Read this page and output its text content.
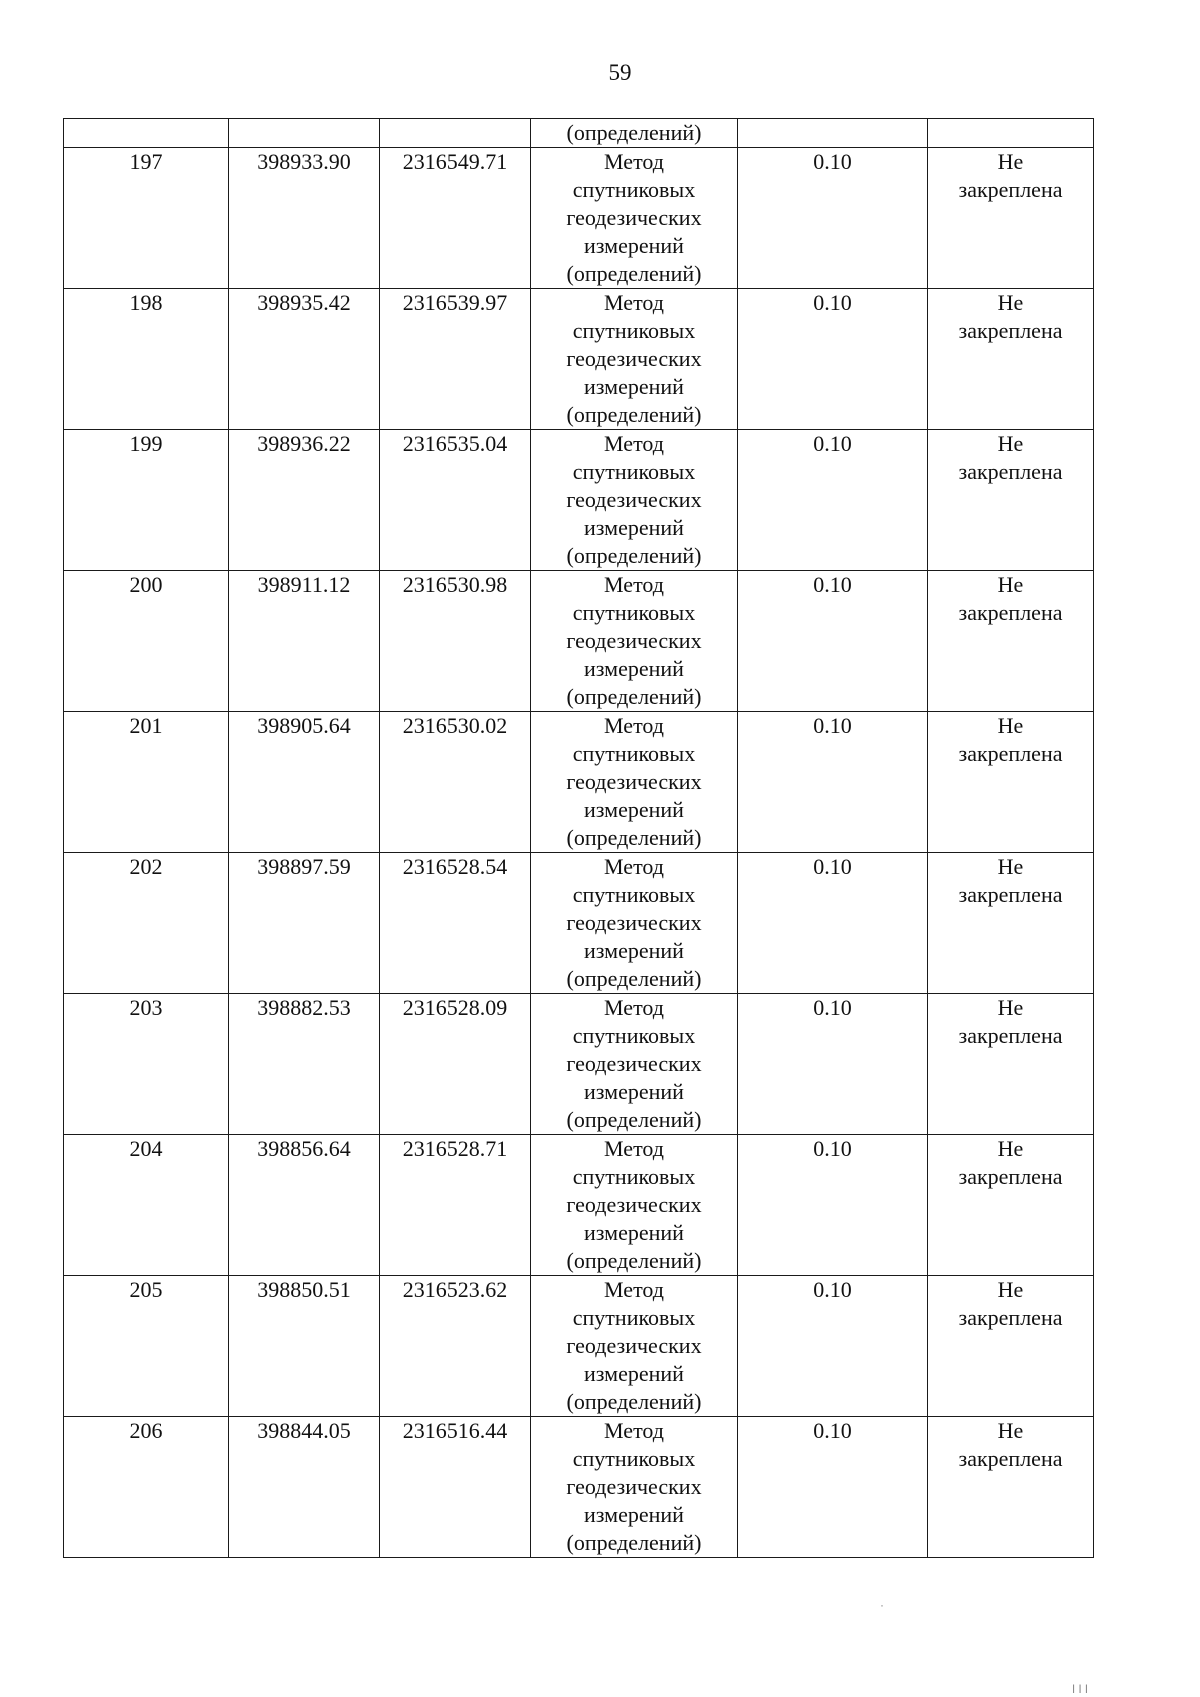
59
			(определений)		
197	398933.90	2316549.71	Метод
спутниковых
геодезических
измерений
(определений)	0.10	Не
закреплена

198	398935.42	2316539.97	Метод
спутниковых
геодезических
измерений
(определений)	0.10	Не
закреплена

199	398936.22	2316535.04	Метод
спутниковых
геодезических
измерений
(определений)	0.10	Не
закреплена

200	398911.12	2316530.98	Метод
спутниковых
геодезических
измерений
(определений)	0.10	Не
закреплена

201	398905.64	2316530.02	Метод
спутниковых
геодезических
измерений
(определений)	0.10	Не
закреплена

202	398897.59	2316528.54	Метод
спутниковых
геодезических
измерений
(определений)	0.10	Не
закреплена

203	398882.53	2316528.09	Метод
спутниковых
геодезических
измерений
(определений)	0.10	Не
закреплена

204	398856.64	2316528.71	Метод
спутниковых
геодезических
измерений
(определений)	0.10	Не
закреплена

205	398850.51	2316523.62	Метод
спутниковых
геодезических
измерений
(определений)	0.10	Не
закреплена

206	398844.05	2316516.44	Метод
спутниковых
геодезических
измерений
(определений)	0.10	Не
закреплена
·
ǀ ǀ ǀ
